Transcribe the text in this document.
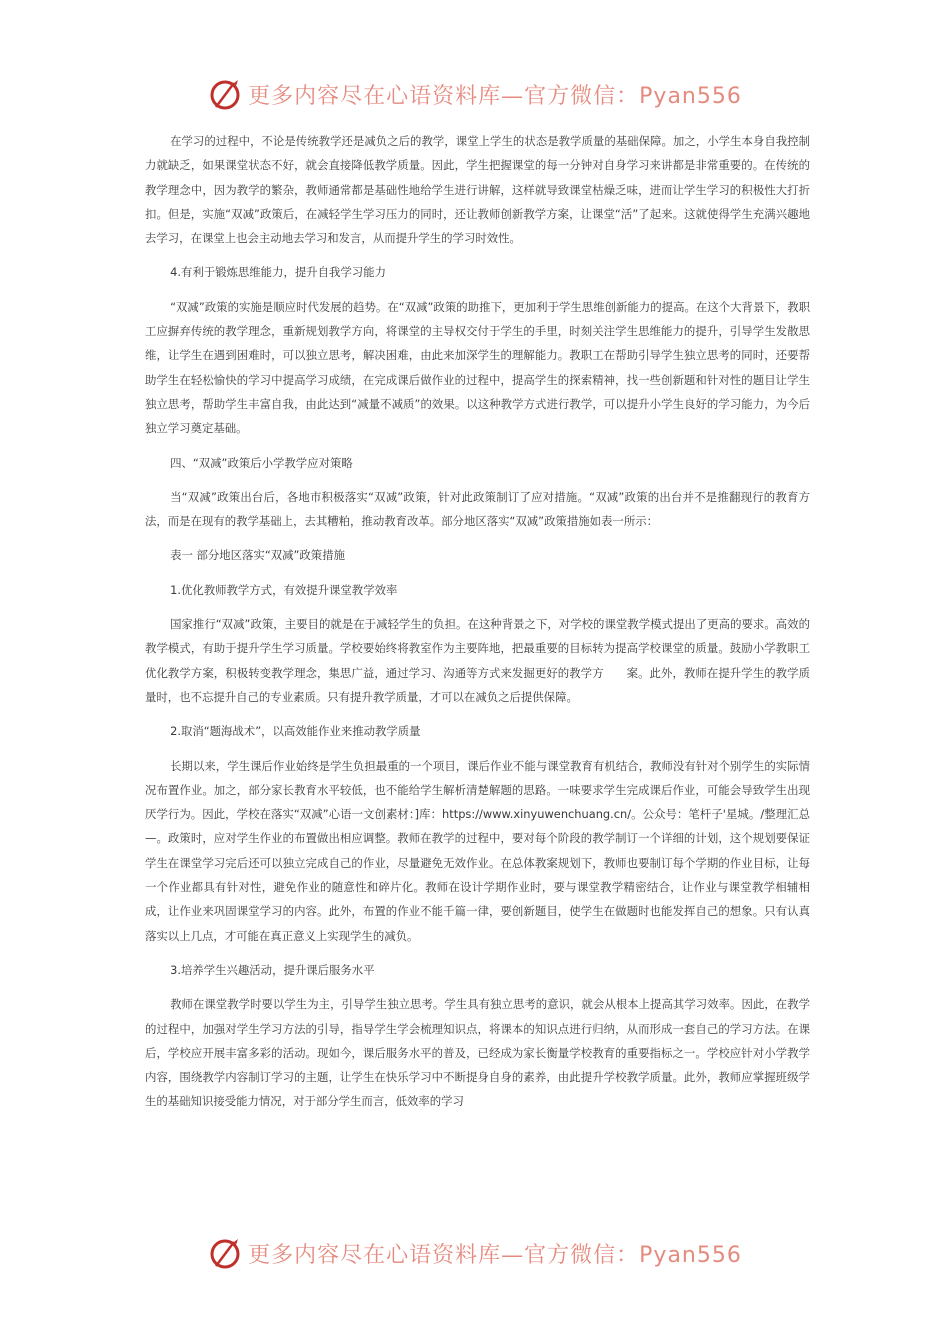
更多内容尽在心语资料库—官方微信：Pyan556

在学习的过程中，不论是传统教学还是减负之后的教学，课堂上学生的状态是教学质量的基础保障。加之，小学生本身自我控制力就缺乏，如果课堂状态不好，就会直接降低教学质量。因此，学生把握课堂的每一分钟对自身学习来讲都是非常重要的。在传统的教学理念中，因为教学的繁杂，教师通常都是基础性地给学生进行讲解，这样就导致课堂枯燥乏味，进而让学生学习的积极性大打折扣。但是，实施“双减”政策后，在减轻学生学习压力的同时，还让教师创新教学方案，让课堂“活”了起来。这就使得学生充满兴趣地去学习，在课堂上也会主动地去学习和发言，从而提升学生的学习时效性。

4.有利于锻炼思维能力，提升自我学习能力

“双减”政策的实施是顺应时代发展的趋势。在“双减”政策的助推下，更加利于学生思维创新能力的提高。在这个大背景下，教职工应摒弃传统的教学理念，重新规划教学方向，将课堂的主导权交付于学生的手里，时刻关注学生思维能力的提升，引导学生发散思维，让学生在遇到困难时，可以独立思考，解决困难，由此来加深学生的理解能力。教职工在帮助引导学生独立思考的同时，还要帮助学生在轻松愉快的学习中提高学习成绩，在完成课后做作业的过程中，提高学生的探索精神，找一些创新题和针对性的题目让学生独立思考，帮助学生丰富自我，由此达到“减量不减质”的效果。以这种教学方式进行教学，可以提升小学生良好的学习能力，为今后独立学习奠定基础。

四、“双减”政策后小学教学应对策略

当“双减”政策出台后，各地市积极落实“双减”政策，针对此政策制订了应对措施。“双减”政策的出台并不是推翻现行的教育方法，而是在现有的教学基础上，去其糟粕，推动教育改革。部分地区落实“双减”政策措施如表一所示：

表一 部分地区落实“双减”政策措施

1.优化教师教学方式，有效提升课堂教学效率

国家推行“双减”政策，主要目的就是在于减轻学生的负担。在这种背景之下，对学校的课堂教学模式提出了更高的要求。高效的教学模式，有助于提升学生学习质量。学校要始终将教室作为主要阵地，把最重要的目标转为提高学校课堂的质量。鼓励小学教职工优化教学方案，积极转变教学理念，集思广益，通过学习、沟通等方式来发掘更好的教学方　　案。此外，教师在提升学生的教学质量时，也不忘提升自己的专业素质。只有提升教学质量，才可以在减负之后提供保障。

2.取消“题海战术”，以高效能作业来推动教学质量

长期以来，学生课后作业始终是学生负担最重的一个项目，课后作业不能与课堂教育有机结合，教师没有针对个别学生的实际情况布置作业。加之，部分家长教育水平较低，也不能给学生解析清楚解题的思路。一味要求学生完成课后作业，可能会导致学生出现厌学行为。因此，学校在落实“双减”心语一文创素材：]库：https://www.xinyuwenchuang.cn/。公众号：笔杆子'星城。/整理汇总—。政策时，应对学生作业的布置做出相应调整。教师在教学的过程中，要对每个阶段的教学制订一个详细的计划，这个规划要保证学生在课堂学习完后还可以独立完成自己的作业，尽量避免无效作业。在总体教案规划下，教师也要制订每个学期的作业目标，让每一个作业都具有针对性，避免作业的随意性和碎片化。教师在设计学期作业时，要与课堂教学精密结合，让作业与课堂教学相辅相成，让作业来巩固课堂学习的内容。此外，布置的作业不能千篇一律，要创新题目，使学生在做题时也能发挥自己的想象。只有认真落实以上几点，才可能在真正意义上实现学生的减负。

3.培养学生兴趣活动，提升课后服务水平

教师在课堂教学时要以学生为主，引导学生独立思考。学生具有独立思考的意识，就会从根本上提高其学习效率。因此，在教学的过程中，加强对学生学习方法的引导，指导学生学会梳理知识点，将课本的知识点进行归纳，从而形成一套自己的学习方法。在课后，学校应开展丰富多彩的活动。现如今，课后服务水平的普及，已经成为家长衡量学校教育的重要指标之一。学校应针对小学教学内容，围绕教学内容制订学习的主题，让学生在快乐学习中不断提身自身的素养，由此提升学校教学质量。此外，教师应掌握班级学生的基础知识接受能力情况，对于部分学生而言，低效率的学习

更多内容尽在心语资料库—官方微信：Pyan556
